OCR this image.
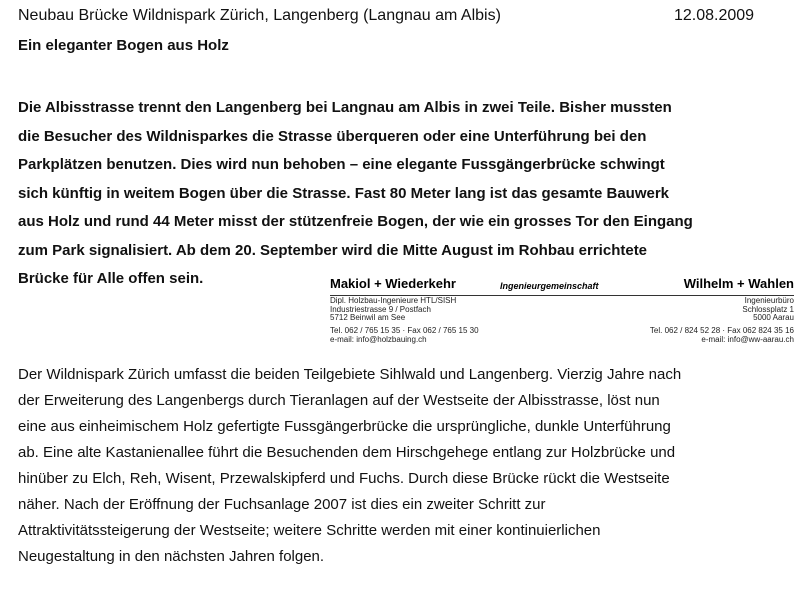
Neubau Brücke Wildnispark Zürich, Langenberg (Langnau am Albis)	12.08.2009
Ein eleganter Bogen aus Holz
Die Albisstrasse trennt den Langenberg bei Langnau am Albis in zwei Teile. Bisher mussten
die Besucher des Wildnisparkes die Strasse überqueren oder eine Unterführung bei den
Parkplätzen benutzen. Dies wird nun behoben – eine elegante Fussgängerbrücke schwingt
sich künftig in weitem Bogen über die Strasse. Fast 80 Meter lang ist das gesamte Bauwerk
aus Holz und rund 44 Meter misst der stützenfreie Bogen, der wie ein grosses Tor den Eingang
zum Park signalisiert. Ab dem 20. September wird die Mitte August im Rohbau errichtete
Brücke für Alle offen sein.	Makiol + Wiederkehr	Ingenieurgemeinschaft	Wilhelm + Wahlen
Dipl. Holzbau-Ingenieure HTL/SISH
Industriestrasse 9 / Postfach
5712 Beinwil am See
Tel. 062 / 765 15 35 · Fax 062 / 765 15 30
e-mail: info@holzbauing.ch
Ingenieurbüro
Schlossplatz 1
5000 Aarau
Tel. 062 / 824 52 28 · Fax 062 824 35 16
e-mail: info@ww-aarau.ch
Der Wildnispark Zürich umfasst die beiden Teilgebiete Sihlwald und Langenberg. Vierzig Jahre nach
der Erweiterung des Langenbergs durch Tieranlagen auf der Westseite der Albisstrasse, löst nun
eine aus einheimischem Holz gefertigte Fussgängerbrücke die ursprüngliche, dunkle Unterführung
ab. Eine alte Kastanienallee führt die Besuchenden dem Hirschgehege entlang zur Holzbrücke und
hinüber zu Elch, Reh, Wisent, Przewalskipferd und Fuchs. Durch diese Brücke rückt die Westseite
näher. Nach der Eröffnung der Fuchsanlage 2007 ist dies ein zweiter Schritt zur
Attraktivitätssteigerung der Westseite; weitere Schritte werden mit einer kontinuierlichen
Neugestaltung in den nächsten Jahren folgen.
